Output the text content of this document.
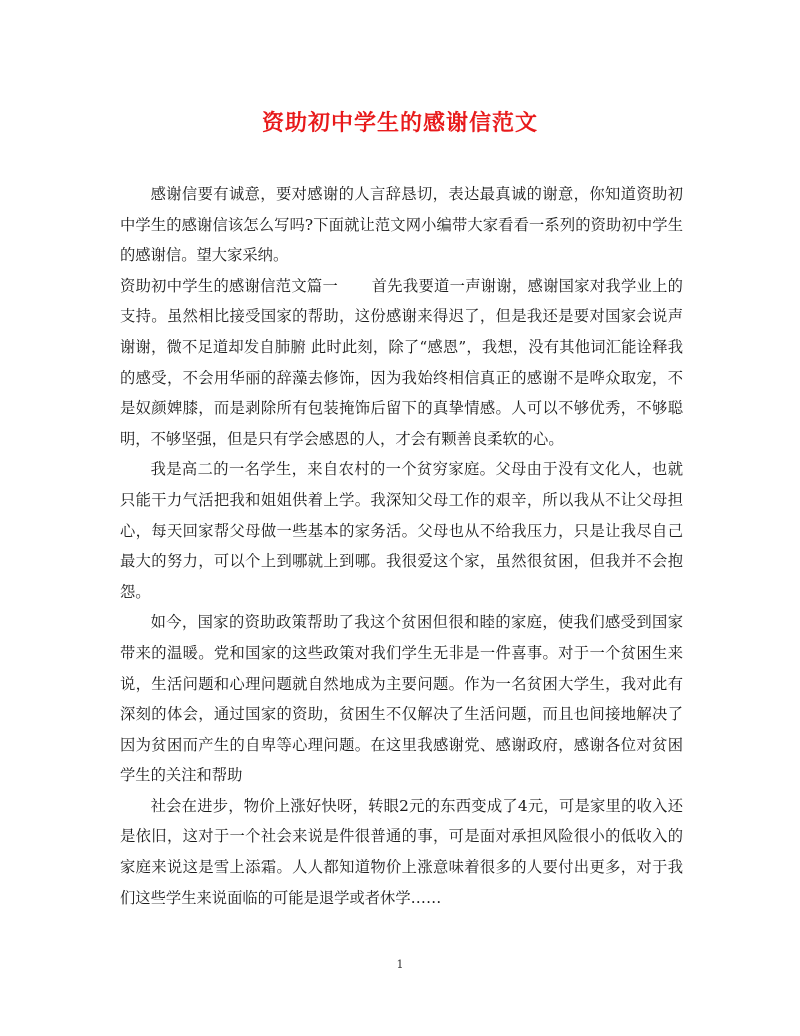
资助初中学生的感谢信范文

感谢信要有诚意，要对感谢的人言辞恳切，表达最真诚的谢意，你知道资助初中学生的感谢信该怎么写吗?下面就让范文网小编带大家看看一系列的资助初中学生的感谢信。望大家采纳。

资助初中学生的感谢信范文篇一 首先我要道一声谢谢，感谢国家对我学业上的支持。虽然相比接受国家的帮助，这份感谢来得迟了，但是我还是要对国家会说声谢谢，微不足道却发自肺腑 此时此刻，除了“感恩”，我想，没有其他词汇能诠释我的感受，不会用华丽的辞藻去修饰，因为我始终相信真正的感谢不是哗众取宠，不是奴颜婢膝，而是剥除所有包装掩饰后留下的真挚情感。人可以不够优秀，不够聪明，不够坚强，但是只有学会感恩的人，才会有颗善良柔软的心。

我是高二的一名学生，来自农村的一个贫穷家庭。父母由于没有文化人，也就只能干力气活把我和姐姐供着上学。我深知父母工作的艰辛，所以我从不让父母担心，每天回家帮父母做一些基本的家务活。父母也从不给我压力，只是让我尽自己最大的努力，可以个上到哪就上到哪。我很爱这个家，虽然很贫困，但我并不会抱怨。

如今，国家的资助政策帮助了我这个贫困但很和睦的家庭，使我们感受到国家带来的温暖。党和国家的这些政策对我们学生无非是一件喜事。对于一个贫困生来说，生活问题和心理问题就自然地成为主要问题。作为一名贫困大学生，我对此有深刻的体会，通过国家的资助，贫困生不仅解决了生活问题，而且也间接地解决了因为贫困而产生的自卑等心理问题。在这里我感谢党、感谢政府，感谢各位对贫困学生的关注和帮助

社会在进步，物价上涨好快呀，转眼2元的东西变成了4元，可是家里的收入还是依旧，这对于一个社会来说是件很普通的事，可是面对承担风险很小的低收入的家庭来说这是雪上添霜。人人都知道物价上涨意味着很多的人要付出更多，对于我们这些学生来说面临的可能是退学或者休学……

1
